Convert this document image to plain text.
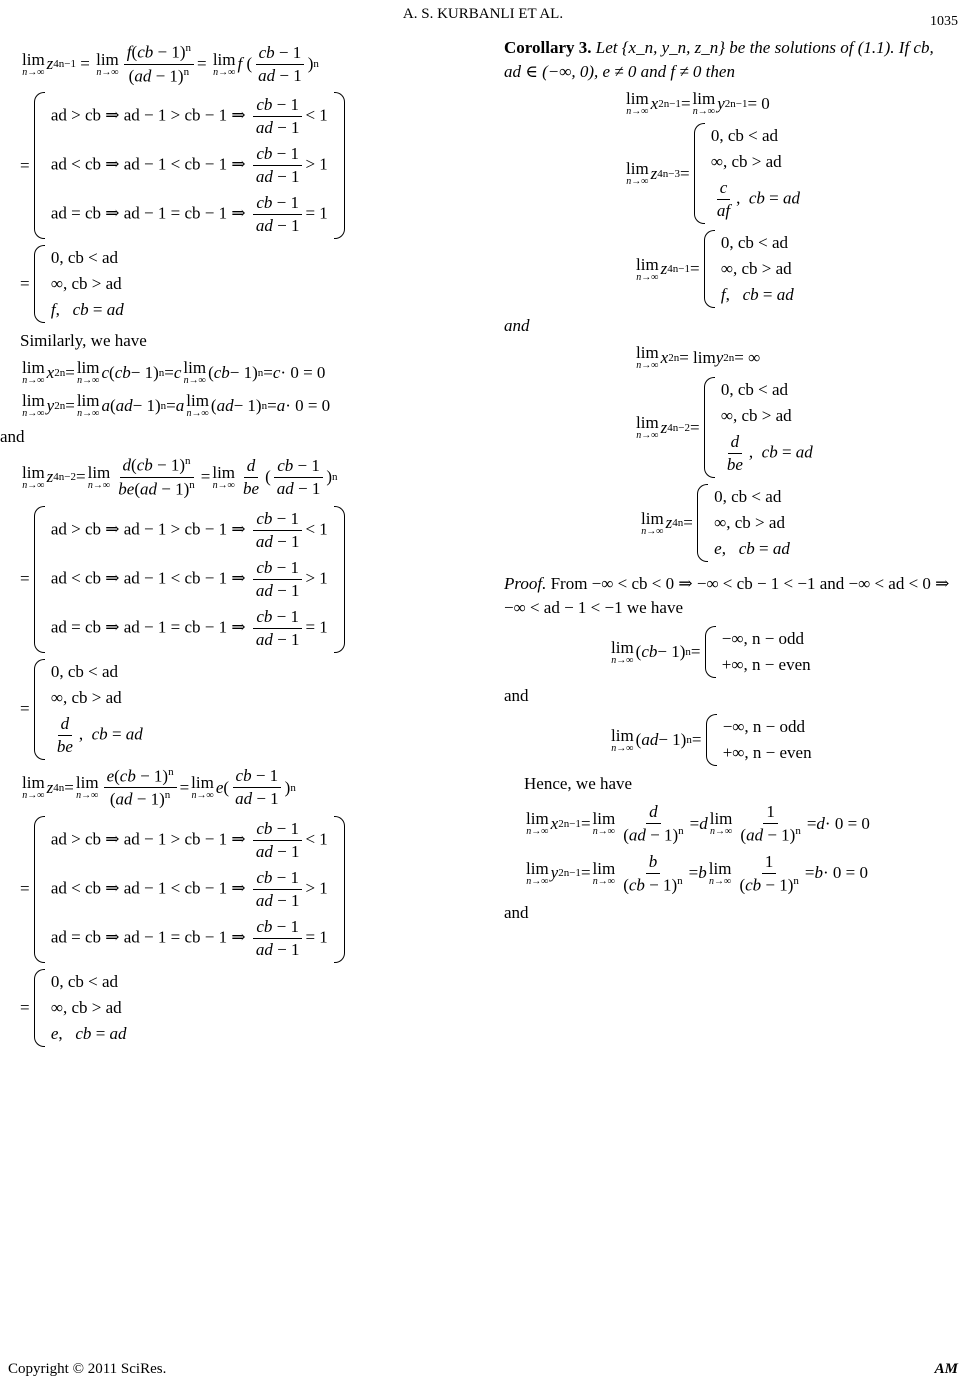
A. S. KURBANLI ET AL.	1035
lim
n→∞ z 4n−1 = lim
$n\to\infty \frac{f(cb - 1)^n}{(ad - 1)^n} = \lim$
n→∞ f ( $\frac{cb - 1}{ad - 1}$ ) n
=
ad > cb ⇒ ad − 1 > cb − 1 ⇒ $\frac{cb - 1}{ad - 1} < 1$
ad < cb ⇒ ad − 1 < cb − 1 ⇒ $\frac{cb - 1}{ad - 1} > 1$
ad = cb ⇒ ad − 1 = cb − 1 ⇒ $\frac{cb - 1}{ad - 1} = 1$
=
0, cb < ad
∞, cb > ad
f,   cb = ad
Similarly, we have
lim
n→∞ x 2n = lim
n→∞ c ( cb − 1) n = c lim
n→∞ ( cb − 1) n = c · 0 = 0
lim
n→∞ y 2n = lim
n→∞ a ( ad − 1) n = a lim
n→∞ ( ad − 1) n = a · 0 = 0
and
lim
n→∞ z 4n−2 = lim
$n\to\infty \frac{d(cb - 1)^n}{be(ad - 1)^n} = \lim$
$n\to\infty \frac{d}{be}$ ( $\frac{cb - 1}{ad - 1}$ ) n
=
ad > cb ⇒ ad − 1 > cb − 1 ⇒ $\frac{cb - 1}{ad - 1} < 1$
ad < cb ⇒ ad − 1 < cb − 1 ⇒ $\frac{cb - 1}{ad - 1} > 1$
ad = cb ⇒ ad − 1 = cb − 1 ⇒ $\frac{cb - 1}{ad - 1} = 1$
=
0, cb < ad
∞, cb > ad
$\frac{d}{be}$ ,  cb = ad
lim
n→∞ z 4n = lim
$n\to\infty \frac{e(cb - 1)^n}{(ad - 1)^n} = \lim$
n→∞ e ( $\frac{cb - 1}{ad - 1}$ ) n
=
ad > cb ⇒ ad − 1 > cb − 1 ⇒ $\frac{cb - 1}{ad - 1} < 1$
ad < cb ⇒ ad − 1 < cb − 1 ⇒ $\frac{cb - 1}{ad - 1} > 1$
ad = cb ⇒ ad − 1 = cb − 1 ⇒ $\frac{cb - 1}{ad - 1} = 1$
=
0, cb < ad
∞, cb > ad
e,   cb = ad
Corollary 3. Let {x_n, y_n, z_n} be the solutions of (1.1). If cb, ad ∈ (−∞, 0), e ≠ 0 and f ≠ 0 then
lim
n→∞ x 2n−1 = lim
n→∞ y 2n−1 = 0
lim
n→∞ z 4n−3 =
0, cb < ad
∞, cb > ad
$\frac{c}{af}$ ,  cb = ad
lim
n→∞ z 4n−1 =
0, cb < ad
∞, cb > ad
f,   cb = ad
and
lim
n→∞ x 2n = lim y 2n = ∞
lim
n→∞ z 4n−2 =
0, cb < ad
∞, cb > ad
$\frac{d}{be}$ ,  cb = ad
lim
n→∞ z 4n =
0, cb < ad
∞, cb > ad
e,   cb = ad
Proof. From −∞ < cb < 0 ⇒ −∞ < cb − 1 < −1 and −∞ < ad < 0 ⇒ −∞ < ad − 1 < −1 we have
lim
n→∞ ( cb − 1) n =
−∞, n − odd
+∞, n − even
and
lim
n→∞ ( ad − 1) n =
−∞, n − odd
+∞, n − even
Hence, we have
lim
n→∞ x 2n−1 = lim
$n\to\infty \frac{d}{(ad - 1)^n} = d$ lim
$n\to\infty \frac{1}{(ad - 1)^n} = d \cdot 0 = 0$
lim
n→∞ y 2n−1 = lim
$n\to\infty \frac{b}{(cb - 1)^n} = b$ lim
$n\to\infty \frac{1}{(cb - 1)^n} = b \cdot 0 = 0$
and
Copyright © 2011 SciRes.	AM
